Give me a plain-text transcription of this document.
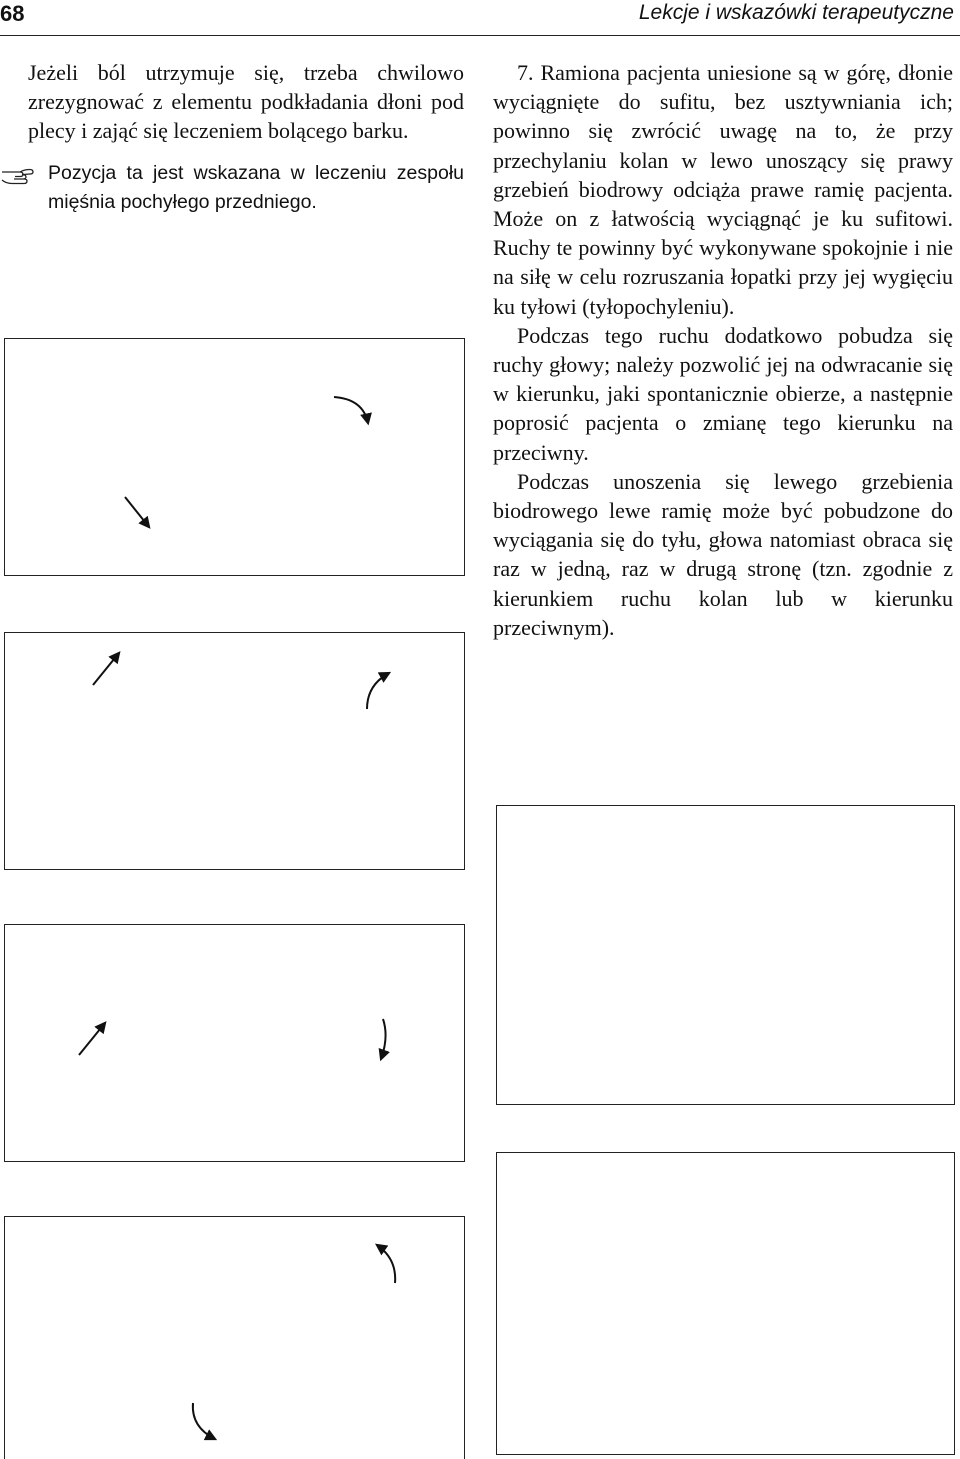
68	Lekcje i wskazówki terapeutyczne

Jeżeli ból utrzymuje się, trzeba chwilowo zrezygnować z elementu podkładania dłoni pod plecy i zająć się leczeniem bolącego barku.

Pozycja ta jest wskazana w leczeniu zespołu mięśnia pochyłego przedniego.

7. Ramiona pacjenta uniesione są w górę, dłonie wyciągnięte do sufitu, bez usztywniania ich; powinno się zwrócić uwagę na to, że przy przechylaniu kolan w lewo unoszący się prawy grzebień biodrowy odciąża prawe ramię pacjenta. Może on z łatwością wyciągnąć je ku sufitowi. Ruchy te powinny być wykonywane spokojnie i nie na siłę w celu rozruszania łopatki przy jej wygięciu ku tyłowi (tyłopochyleniu).

Podczas tego ruchu dodatkowo pobudza się ruchy głowy; należy pozwolić jej na odwracanie się w kierunku, jaki spontanicznie obierze, a następnie poprosić pacjenta o zmianę tego kierunku na przeciwny.

Podczas unoszenia się lewego grzebienia biodrowego lewe ramię może być pobudzone do wyciągania się do tyłu, głowa natomiast obraca się raz w jedną, raz w drugą stronę (tzn. zgodnie z kierunkiem ruchu kolan lub w kierunku przeciwnym).
